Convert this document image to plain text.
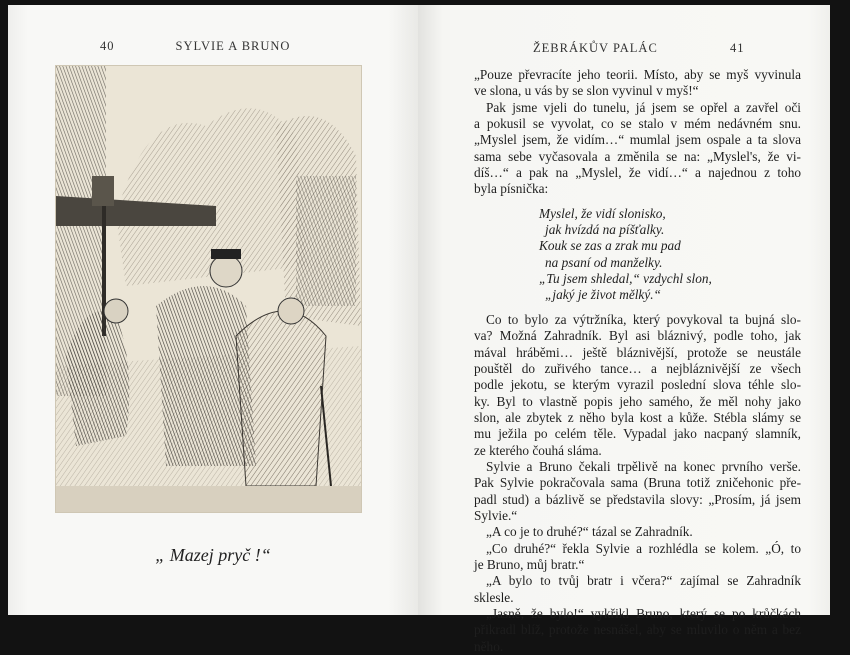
40	SYLVIE A BRUNO
„ Mazej pryč !“
ŽEBRÁKŮV PALÁC	41
„Pouze převracíte jeho teorii. Místo, aby se myš vyvinula
ve slona, u vás by se slon vyvinul v myš!“
Pak jsme vjeli do tunelu, já jsem se opřel a zavřel oči
a pokusil se vyvolat, co se stalo v mém nedávném snu.
„Myslel jsem, že vidím…“ mumlal jsem ospale a ta slova
sama sebe vyčasovala a změnila se na: „Myslel's, že vi-
díš…“ a pak na „Myslel, že vidí…“ a najednou z toho
byla písnička:
Myslel, že vidí slonisko,
jak hvízdá na píšťalky.
Kouk se zas a zrak mu pad
na psaní od manželky.
„Tu jsem shledal,“ vzdychl slon,
„jaký je život mělký.“
Co to bylo za výtržníka, který povykoval ta bujná slo-
va? Možná Zahradník. Byl asi bláznivý, podle toho, jak
mával hráběmi… ještě bláznivější, protože se neustále
pouštěl do zuřivého tance… a nejbláznivější ze všech
podle jekotu, se kterým vyrazil poslední slova téhle slo-
ky. Byl to vlastně popis jeho samého, že měl nohy jako
slon, ale zbytek z něho byla kost a kůže. Stébla slámy se
mu ježila po celém těle. Vypadal jako nacpaný slamník,
ze kterého čouhá sláma.
Sylvie a Bruno čekali trpělivě na konec prvního verše.
Pak Sylvie pokračovala sama (Bruna totiž zničehonic pře-
padl stud) a bázlivě se představila slovy: „Prosím, já jsem
Sylvie.“
„A co je to druhé?“ tázal se Zahradník.
„Co druhé?“ řekla Sylvie a rozhlédla se kolem. „Ó, to
je Bruno, můj bratr.“
„A bylo to tvůj bratr i včera?“ zajímal se Zahradník
sklesle.
„Jasně, že bylo!“ vykřikl Bruno, který se po krůčkách
přikradl blíž, protože nesnášel, aby se mluvilo o něm a bez
něho.
